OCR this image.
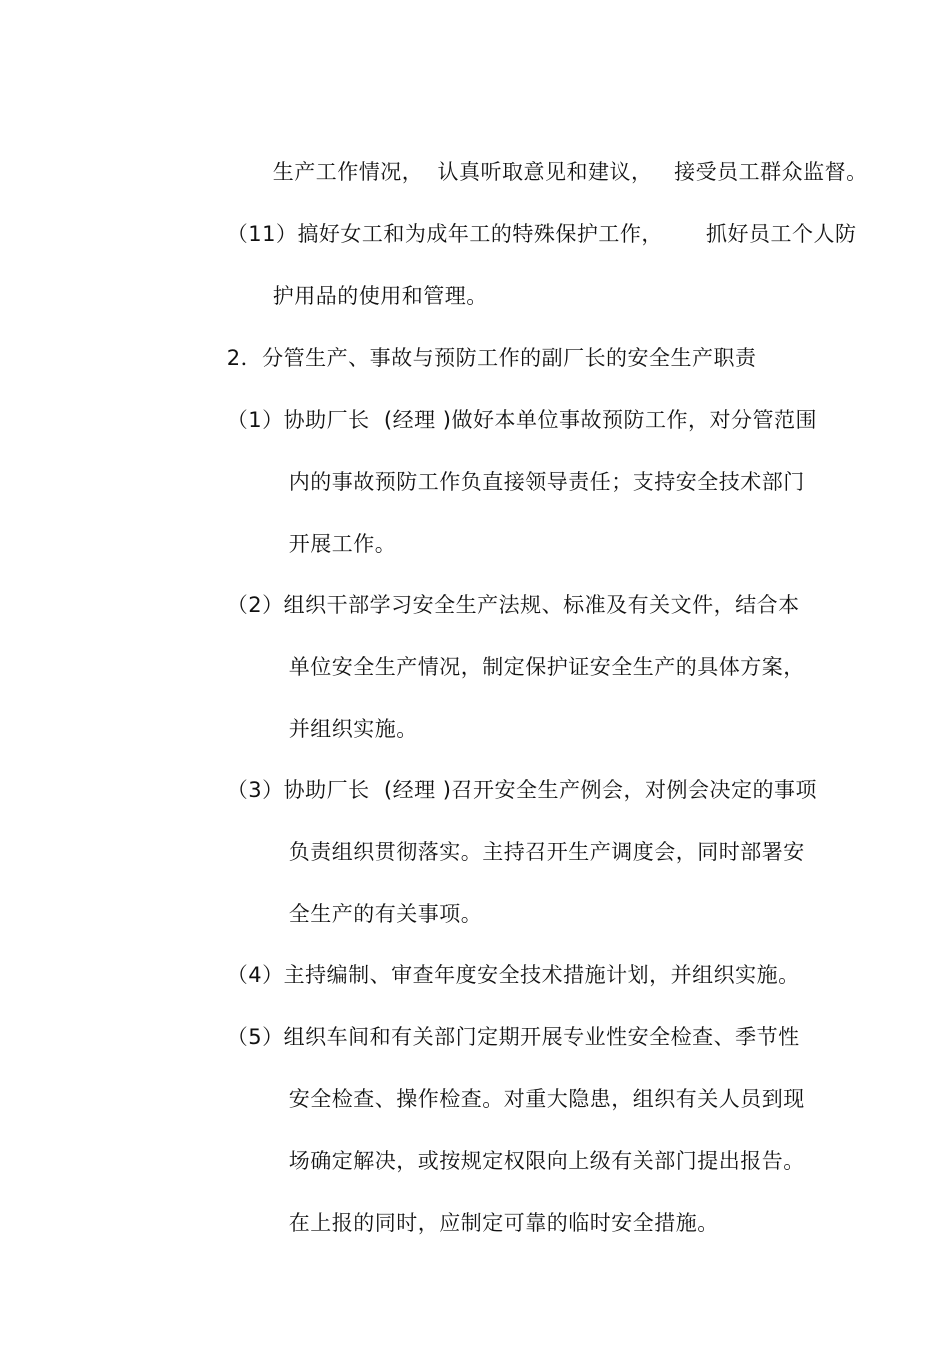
生产工作情况，  认真听取意见和建议，   接受员工群众监督。

（11）搞好女工和为成年工的特殊保护工作，      抓好员工个人防

护用品的使用和管理。

2．分管生产、事故与预防工作的副厂长的安全生产职责

（1）协助厂长  (经理 )做好本单位事故预防工作，对分管范围

内的事故预防工作负直接领导责任；支持安全技术部门

开展工作。

（2）组织干部学习安全生产法规、标准及有关文件，结合本

单位安全生产情况，制定保护证安全生产的具体方案，

并组织实施。

（3）协助厂长  (经理 )召开安全生产例会，对例会决定的事项

负责组织贯彻落实。主持召开生产调度会，同时部署安

全生产的有关事项。

（4）主持编制、审查年度安全技术措施计划，并组织实施。

（5）组织车间和有关部门定期开展专业性安全检查、季节性

安全检查、操作检查。对重大隐患，组织有关人员到现

场确定解决，或按规定权限向上级有关部门提出报告。

在上报的同时，应制定可靠的临时安全措施。
